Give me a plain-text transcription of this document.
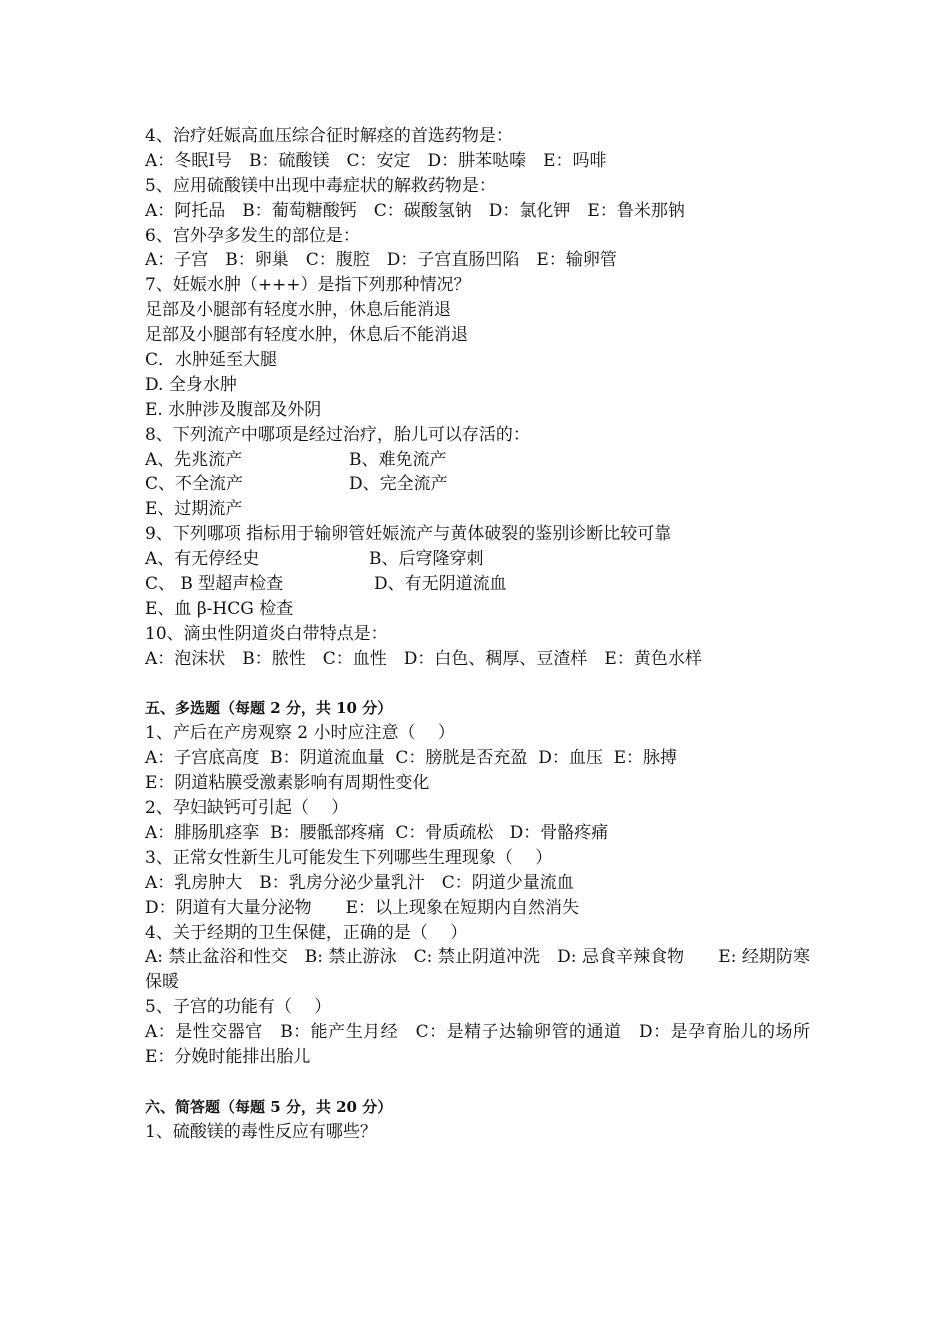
4、治疗妊娠高血压综合征时解痉的首选药物是：
A：冬眠Ⅰ号　B：硫酸镁　C：安定　D：肼苯哒嗪　E：吗啡
5、应用硫酸镁中出现中毒症状的解救药物是：
A：阿托品　B：葡萄糖酸钙　C：碳酸氢钠　D：氯化钾　E：鲁米那钠
6、宫外孕多发生的部位是：
A：子宫　B：卵巢　C：腹腔　D：子宫直肠凹陷　E：输卵管
7、妊娠水肿（+++）是指下列那种情况？
足部及小腿部有轻度水肿，休息后能消退
足部及小腿部有轻度水肿，休息后不能消退
C．水肿延至大腿
D. 全身水肿
E. 水肿涉及腹部及外阴
8、下列流产中哪项是经过治疗，胎儿可以存活的：
A、先兆流产	B、难免流产
C、不全流产	D、完全流产
E、过期流产
9、下列哪项 指标用于输卵管妊娠流产与黄体破裂的鉴别诊断比较可靠
A、有无停经史	B、后穹隆穿刺
C、 B 型超声检查	D、有无阴道流血
E、血 β-HCG 检查
10、滴虫性阴道炎白带特点是：
A：泡沫状　B：脓性　C：血性　D：白色、稠厚、豆渣样　E：黄色水样
五、多选题（每题 2 分，共 10 分）
1、产后在产房观察 2 小时应注意（　 ）
A：子宫底高度  B：阴道流血量  C：膀胱是否充盈  D：血压  E：脉搏
E：阴道粘膜受激素影响有周期性变化
2、孕妇缺钙可引起（　 ）
A：腓肠肌痉挛  B：腰骶部疼痛  C：骨质疏松   D：骨骼疼痛
3、正常女性新生儿可能发生下列哪些生理现象（　 ）
A：乳房肿大　B：乳房分泌少量乳汁　C：阴道少量流血
D：阴道有大量分泌物　　E：以上现象在短期内自然消失
4、关于经期的卫生保健，正确的是（　 ）
A: 禁止盆浴和性交　B: 禁止游泳　C: 禁止阴道冲洗　D: 忌食辛辣食物　　E: 经期防寒保暖
5、子宫的功能有（　 ）
A：是性交器官　B：能产生月经　C：是精子达输卵管的通道　D：是孕育胎儿的场所　E：分娩时能排出胎儿
六、简答题（每题 5 分，共 20 分）
1、硫酸镁的毒性反应有哪些？
